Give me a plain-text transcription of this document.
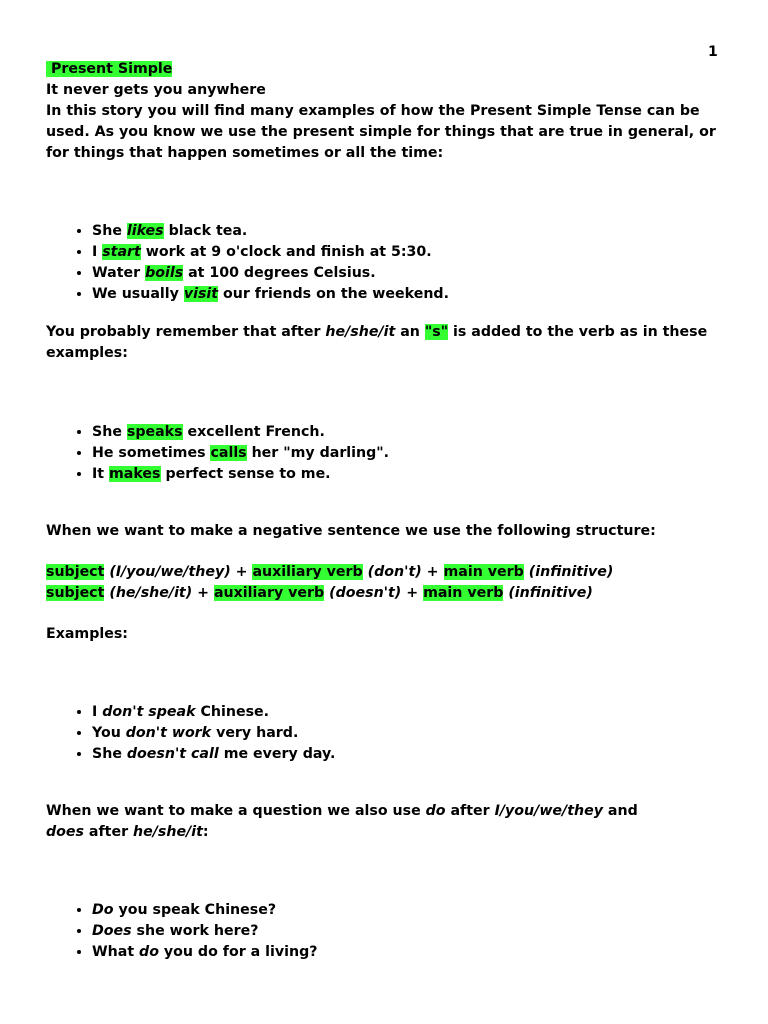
1

Present Simple

It never gets you anywhere

In this story you will find many examples of how the Present Simple Tense can be used. As you know we use the present simple for things that are true in general, or for things that happen sometimes or all the time:

• She likes black tea.
• I start work at 9 o'clock and finish at 5:30.
• Water boils at 100 degrees Celsius.
• We usually visit our friends on the weekend.

You probably remember that after he/she/it an "s" is added to the verb as in these examples:

• She speaks excellent French.
• He sometimes calls her "my darling".
• It makes perfect sense to me.

When we want to make a negative sentence we use the following structure:

subject (I/you/we/they) + auxiliary verb (don't) + main verb (infinitive)

subject (he/she/it) + auxiliary verb (doesn't) + main verb (infinitive)

Examples:

• I don't speak Chinese.
• You don't work very hard.
• She doesn't call me every day.

When we want to make a question we also use do after I/you/we/they and
does after he/she/it:

• Do you speak Chinese?
• Does she work here?
• What do you do for a living?
